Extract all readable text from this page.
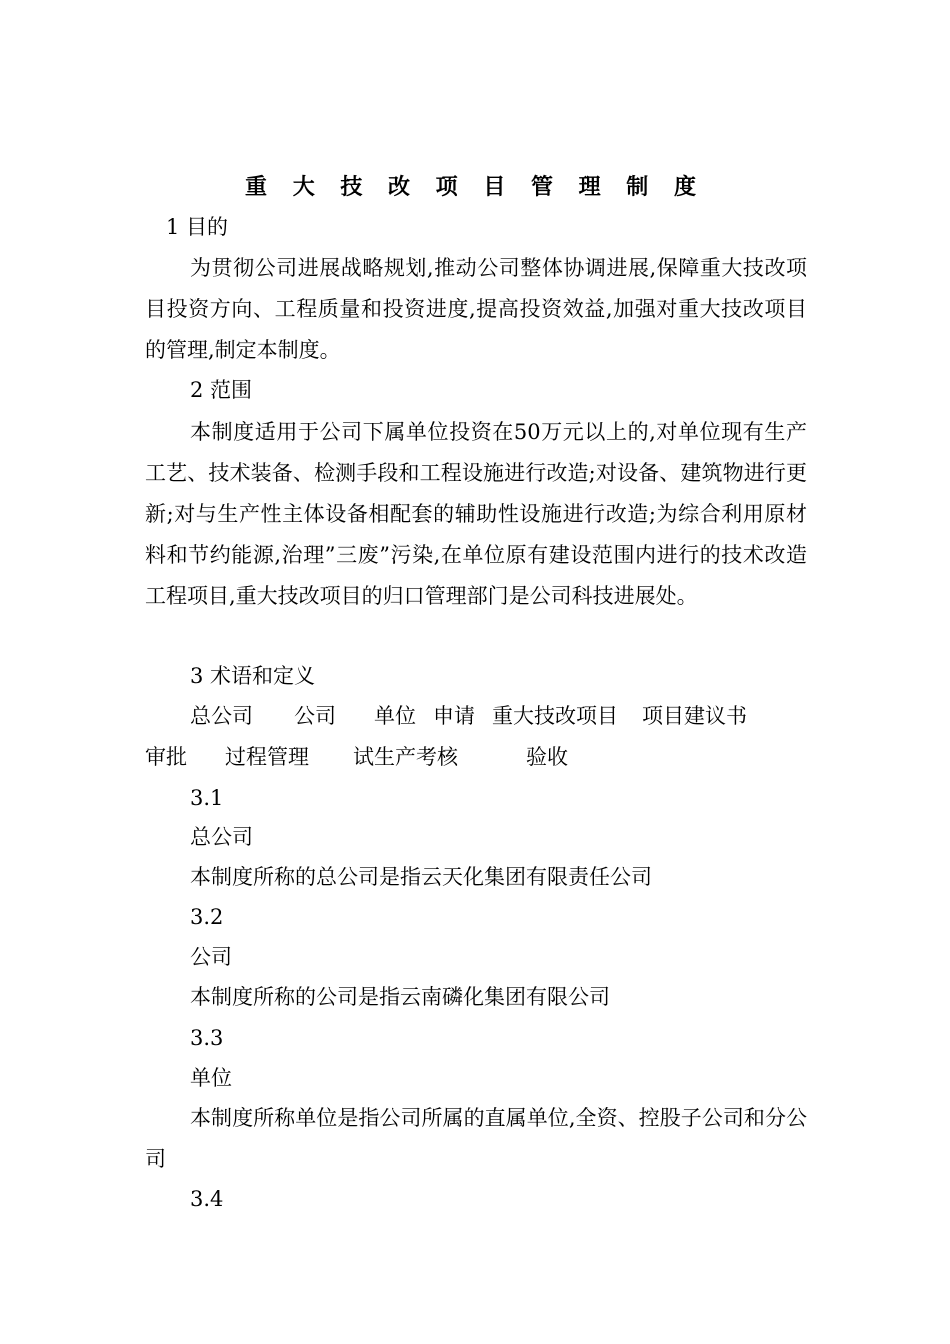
重 大 技 改 项 目 管 理 制 度
1 目的
为贯彻公司进展战略规划,推动公司整体协调进展,保障重大技改项目投资方向、工程质量和投资进度,提高投资效益,加强对重大技改项目的管理,制定本制度。
2 范围
本制度适用于公司下属单位投资在50万元以上的,对单位现有生产工艺、技术装备、检测手段和工程设施进行改造;对设备、建筑物进行更新;对与生产性主体设备相配套的辅助性设施进行改造;为综合利用原材料和节约能源,治理”三废”污染,在单位原有建设范围内进行的技术改造工程项目,重大技改项目的归口管理部门是公司科技进展处。
3 术语和定义
总公司 公司 单位 申请 重大技改项目 项目建议书
审批 过程管理 试生产考核	验收
3.1
总公司
本制度所称的总公司是指云天化集团有限责任公司
3.2
公司
本制度所称的公司是指云南磷化集团有限公司
3.3
单位
本制度所称单位是指公司所属的直属单位,全资、控股子公司和分公司
3.4
